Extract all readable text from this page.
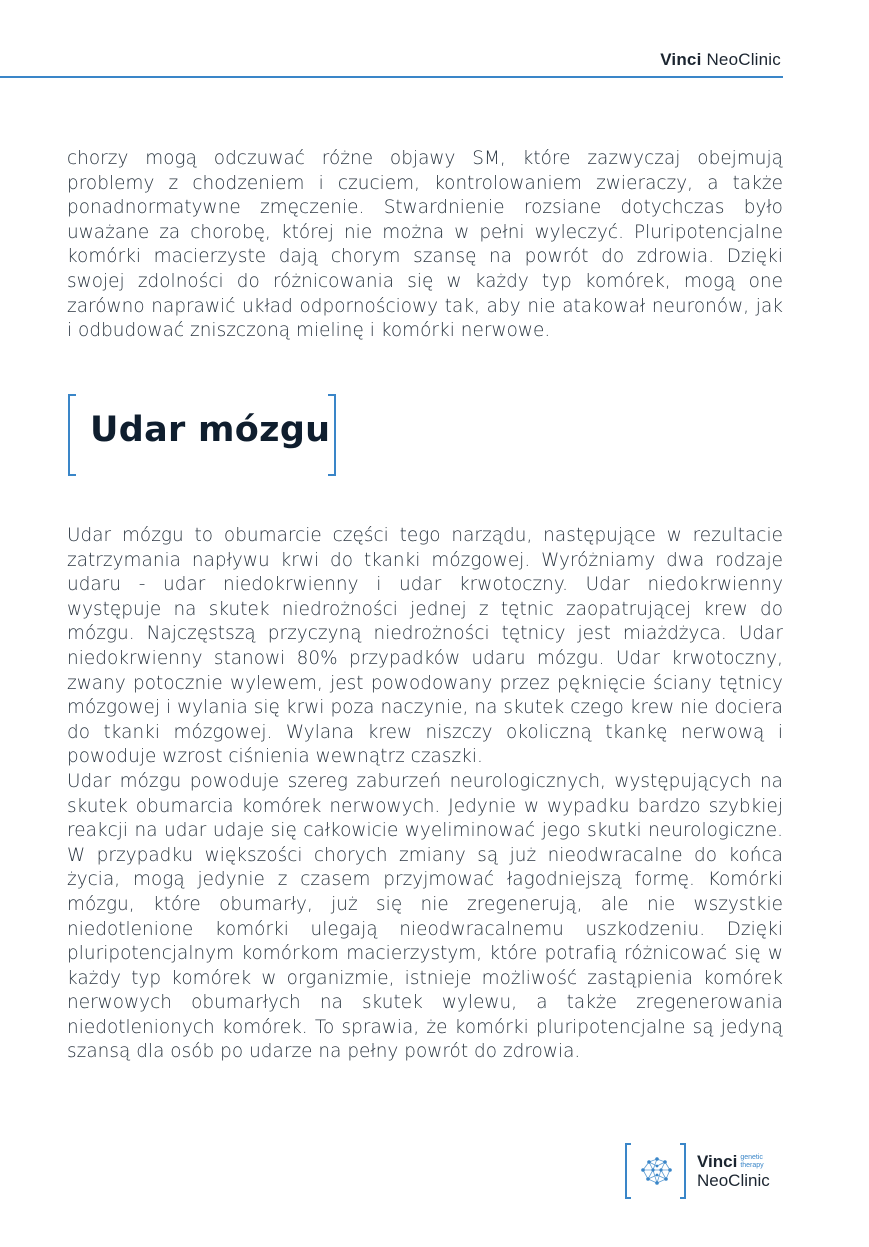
Vinci NeoClinic

chorzy mogą odczuwać różne objawy SM, które zazwyczaj obejmują problemy z chodzeniem i czuciem, kontrolowaniem zwieraczy, a także ponadnormatywne zmęczenie. Stwardnienie rozsiane dotychczas było uważane za chorobę, której nie można w pełni wyleczyć. Pluripotencjalne komórki macierzyste dają chorym szansę na powrót do zdrowia. Dzięki swojej zdolności do różnicowania się w każdy typ komórek, mogą one zarówno naprawić układ odpornościowy tak, aby nie atakował neuronów, jak i odbudować zniszczoną mielinę i komórki nerwowe.

Udar mózgu

Udar mózgu to obumarcie części tego narządu, następujące w rezultacie zatrzymania napływu krwi do tkanki mózgowej. Wyróżniamy dwa rodzaje udaru - udar niedokrwienny i udar krwotoczny. Udar niedokrwienny występuje na skutek niedrożności jednej z tętnic zaopatrującej krew do mózgu. Najczęstszą przyczyną niedrożności tętnicy jest miażdżyca. Udar niedokrwienny stanowi 80% przypadków udaru mózgu. Udar krwotoczny, zwany potocznie wylewem, jest powodowany przez pęknięcie ściany tętnicy mózgowej i wylania się krwi poza naczynie, na skutek czego krew nie dociera do tkanki mózgowej. Wylana krew niszczy okoliczną tkankę nerwową i powoduje wzrost ciśnienia wewnątrz czaszki.

Udar mózgu powoduje szereg zaburzeń neurologicznych, występujących na skutek obumarcia komórek nerwowych. Jedynie w wypadku bardzo szybkiej reakcji na udar udaje się całkowicie wyeliminować jego skutki neurologiczne. W przypadku większości chorych zmiany są już nieodwracalne do końca życia, mogą jedynie z czasem przyjmować łagodniejszą formę. Komórki mózgu, które obumarły, już się nie zregenerują, ale nie wszystkie niedotlenione komórki ulegają nieodwracalnemu uszkodzeniu. Dzięki pluripotencjalnym komórkom macierzystym, które potrafią różnicować się w każdy typ komórek w organizmie, istnieje możliwość zastąpienia komórek nerwowych obumarłych na skutek wylewu, a także zregenerowania niedotlenionych komórek. To sprawia, że komórki pluripotencjalne są jedyną szansą dla osób po udarze na pełny powrót do zdrowia.

Vinci genetic
therapy
NeoClinic
